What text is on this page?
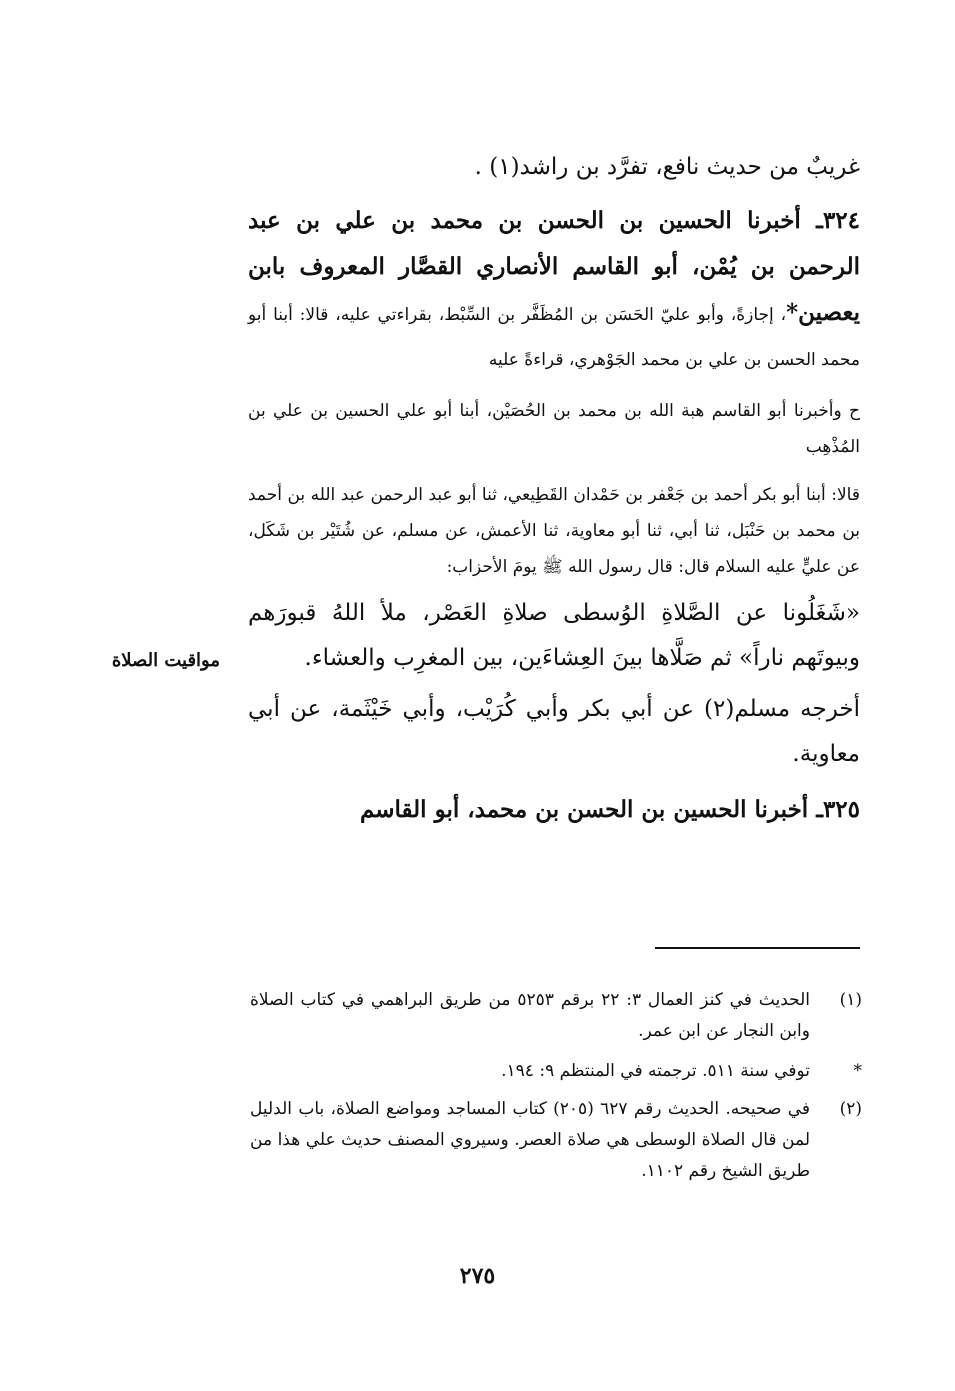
غريبٌ من حديث نافع، تفرَّد بن راشد(١) .

٣٢٤ـ أخبرنا الحسين بن الحسن بن محمد بن علي بن عبد الرحمن بن يُمْن، أبو القاسم الأنصاري القصَّار المعروف بابن يعصين*، إجازةً، وأبو عليّ الحَسَن بن المُظَفَّر بن السِّبْط، بقراءتي عليه، قالا: أبنا أبو محمد الحسن بن علي بن محمد الجَوْهري، قراءةً عليه

ح وأخبرنا أبو القاسم هبة الله بن محمد بن الحُصَيْن، أبنا أبو علي الحسين بن علي بن المُذْهِب

قالا: أبنا أبو بكر أحمد بن جَعْفر بن حَمْدان القَطِيعي، ثنا أبو عبد الرحمن عبد الله بن أحمد بن محمد بن حَنْبَل، ثنا أبي، ثنا أبو معاوية، ثنا الأعمش، عن مسلم، عن شُتَيْر بن شَكَل، عن عليٍّ عليه السلام قال: قال رسول الله ﷺ يومَ الأحزاب:

«شَغَلُونا عن الصَّلاةِ الوُسطى صلاةِ العَصْر، ملأ اللهُ قبورَهم وبيوتَهم ناراً» ثم صَلَّاها بينَ العِشاءَين، بين المغرِب والعشاء.

أخرجه مسلم(٢) عن أبي بكر وأبي كُرَيْب، وأبي خَيْثَمة، عن أبي معاوية.

٣٢٥ـ أخبرنا الحسين بن الحسن بن محمد، أبو القاسم

مواقيت الصلاة
(١)
الحديث في كنز العمال ٣: ٢٢ برقم ٥٢٥٣ من طريق البراهمي في كتاب الصلاة وابن النجار عن ابن عمر.
*
توفي سنة ٥١١. ترجمته في المنتظم ٩: ١٩٤.
(٢)
في صحيحه. الحديث رقم ٦٢٧ (٢٠٥) كتاب المساجد ومواضع الصلاة، باب الدليل لمن قال الصلاة الوسطى هي صلاة العصر. وسيروي المصنف حديث علي هذا من طريق الشيخ رقم ١١٠٢.
٢٧٥
